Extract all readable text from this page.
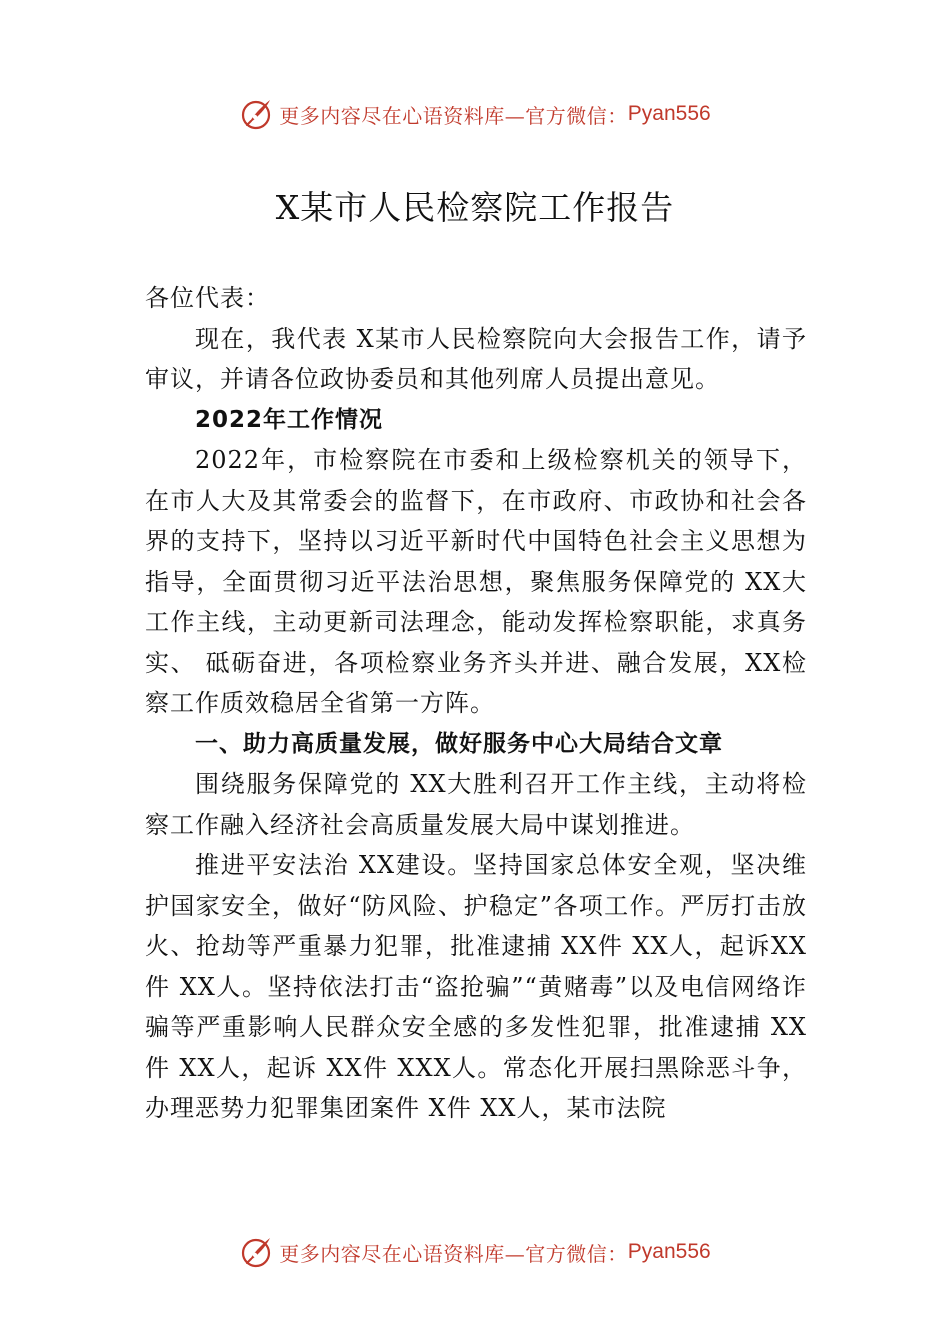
更多内容尽在心语资料库—官方微信： Pyan556
X某市人民检察院工作报告

各位代表：

现在，我代表 X某市人民检察院向大会报告工作，请予审议，并请各位政协委员和其他列席人员提出意见。

2022年工作情况

2022年，市检察院在市委和上级检察机关的领导下，在市人大及其常委会的监督下，在市政府、市政协和社会各界的支持下，坚持以习近平新时代中国特色社会主义思想为指导，全面贯彻习近平法治思想，聚焦服务保障党的 XX大工作主线，主动更新司法理念，能动发挥检察职能，求真务实、 砥砺奋进，各项检察业务齐头并进、融合发展，XX检察工作质效稳居全省第一方阵。

一、助力高质量发展，做好服务中心大局结合文章

围绕服务保障党的 XX大胜利召开工作主线，主动将检察工作融入经济社会高质量发展大局中谋划推进。

推进平安法治 XX建设。坚持国家总体安全观，坚决维护国家安全，做好“防风险、护稳定”各项工作。严厉打击放火、抢劫等严重暴力犯罪，批准逮捕 XX件 XX人，起诉XX件 XX人。坚持依法打击“盗抢骗”“黄赌毒”以及电信网络诈骗等严重影响人民群众安全感的多发性犯罪，批准逮捕 XX件 XX人，起诉 XX件 XXX人。常态化开展扫黑除恶斗争，办理恶势力犯罪集团案件 X件 XX人，某市法院

更多内容尽在心语资料库—官方微信： Pyan556
